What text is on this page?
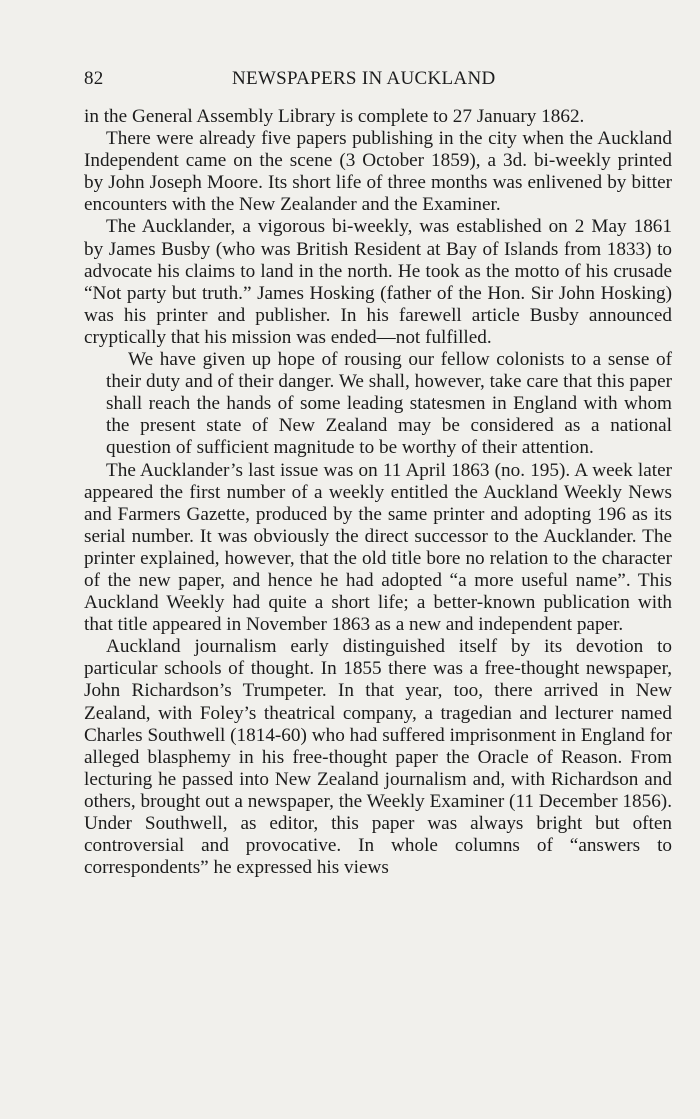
82	NEWSPAPERS IN AUCKLAND

in the General Assembly Library is complete to 27 January 1862.

There were already five papers publishing in the city when the Auckland Independent came on the scene (3 October 1859), a 3d. bi-weekly printed by John Joseph Moore. Its short life of three months was enlivened by bitter encounters with the New Zealander and the Examiner.

The Aucklander, a vigorous bi-weekly, was established on 2 May 1861 by James Busby (who was British Resident at Bay of Islands from 1833) to advocate his claims to land in the north. He took as the motto of his crusade “Not party but truth.” James Hosking (father of the Hon. Sir John Hosking) was his printer and publisher. In his farewell article Busby announced cryptically that his mission was ended—not fulfilled.

We have given up hope of rousing our fellow colonists to a sense of their duty and of their danger. We shall, however, take care that this paper shall reach the hands of some leading statesmen in England with whom the present state of New Zealand may be considered as a national question of sufficient magnitude to be worthy of their attention.

The Aucklander’s last issue was on 11 April 1863 (no. 195). A week later appeared the first number of a weekly entitled the Auckland Weekly News and Farmers Gazette, produced by the same printer and adopting 196 as its serial number. It was obviously the direct successor to the Aucklander. The printer explained, however, that the old title bore no relation to the character of the new paper, and hence he had adopted “a more useful name”. This Auckland Weekly had quite a short life; a better-known publication with that title appeared in November 1863 as a new and independent paper.

Auckland journalism early distinguished itself by its devotion to particular schools of thought. In 1855 there was a free-thought newspaper, John Richardson’s Trumpeter. In that year, too, there arrived in New Zealand, with Foley’s theatrical company, a tragedian and lecturer named Charles Southwell (1814-60) who had suffered imprisonment in England for alleged blasphemy in his free-thought paper the Oracle of Reason. From lecturing he passed into New Zealand journalism and, with Richardson and others, brought out a newspaper, the Weekly Examiner (11 December 1856). Under Southwell, as editor, this paper was always bright but often controversial and provocative. In whole columns of “answers to correspondents” he expressed his views
